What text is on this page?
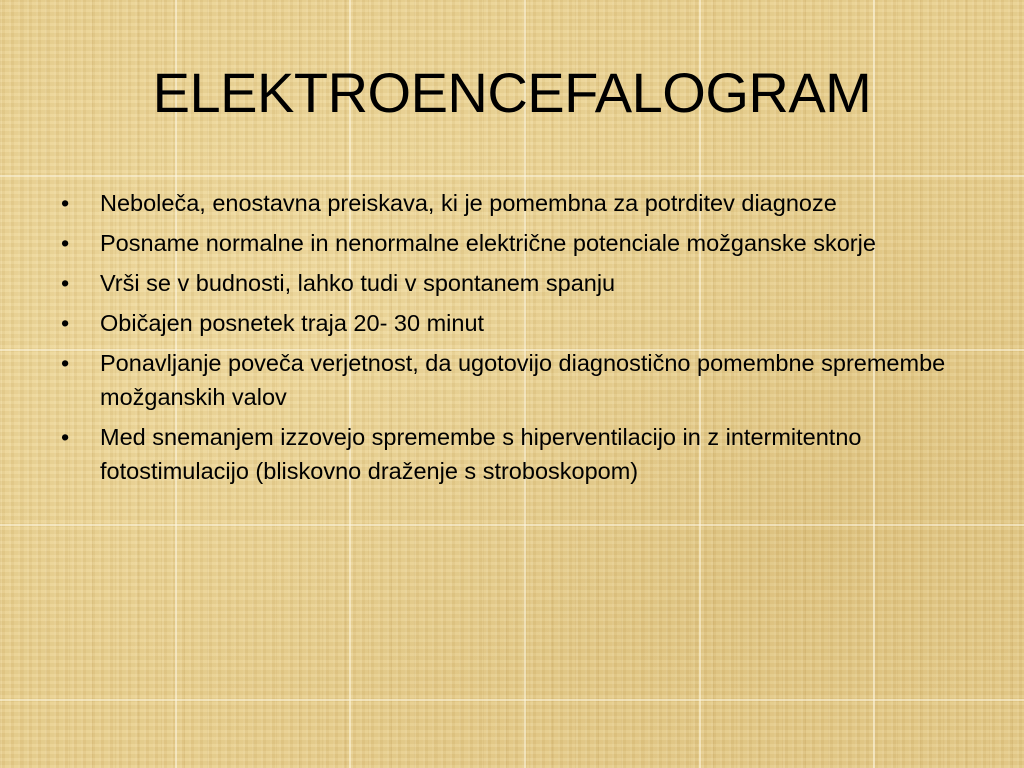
ELEKTROENCEFALOGRAM
• Neboleča, enostavna preiskava, ki je pomembna za potrditev diagnoze
• Posname normalne in nenormalne električne potenciale možganske skorje
• Vrši se v budnosti, lahko tudi v spontanem spanju
• Običajen posnetek traja 20- 30 minut
• Ponavljanje poveča verjetnost, da ugotovijo diagnostično pomembne spremembe možganskih valov
• Med snemanjem izzovejo spremembe s hiperventilacijo in z intermitentno fotostimulacijo (bliskovno draženje s stroboskopom)
